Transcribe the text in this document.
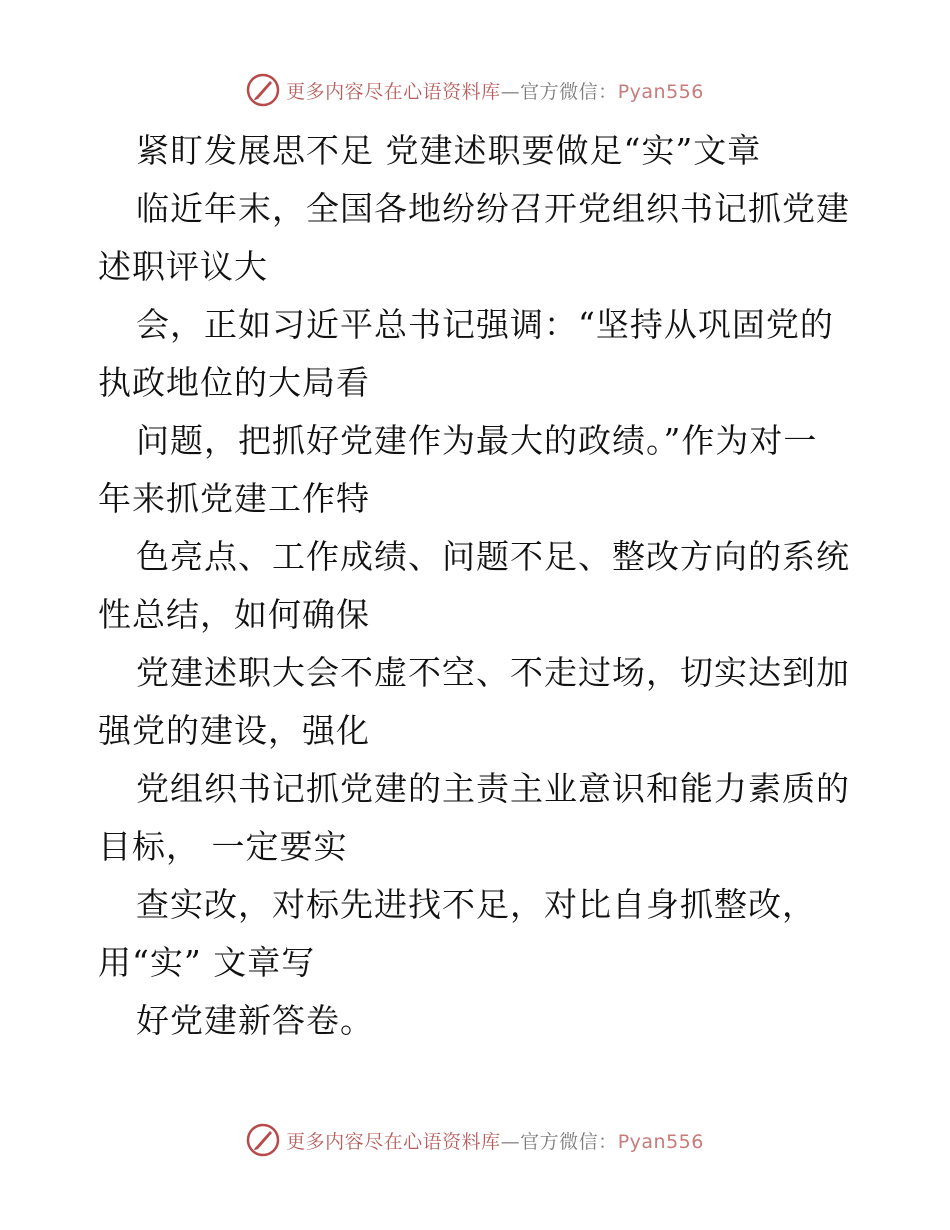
更多内容尽在心语资料库—官方微信：Pyan556
紧盯发展思不足 党建述职要做足“实”文章
临近年末，全国各地纷纷召开党组织书记抓党建
述职评议大
会，正如习近平总书记强调：“坚持从巩固党的
执政地位的大局看
问题，把抓好党建作为最大的政绩。”作为对一
年来抓党建工作特
色亮点、工作成绩、问题不足、整改方向的系统
性总结，如何确保
党建述职大会不虚不空、不走过场，切实达到加
强党的建设，强化
党组织书记抓党建的主责主业意识和能力素质的
目标， 一定要实
查实改，对标先进找不足，对比自身抓整改，
用“实” 文章写
好党建新答卷。
更多内容尽在心语资料库—官方微信：Pyan556
